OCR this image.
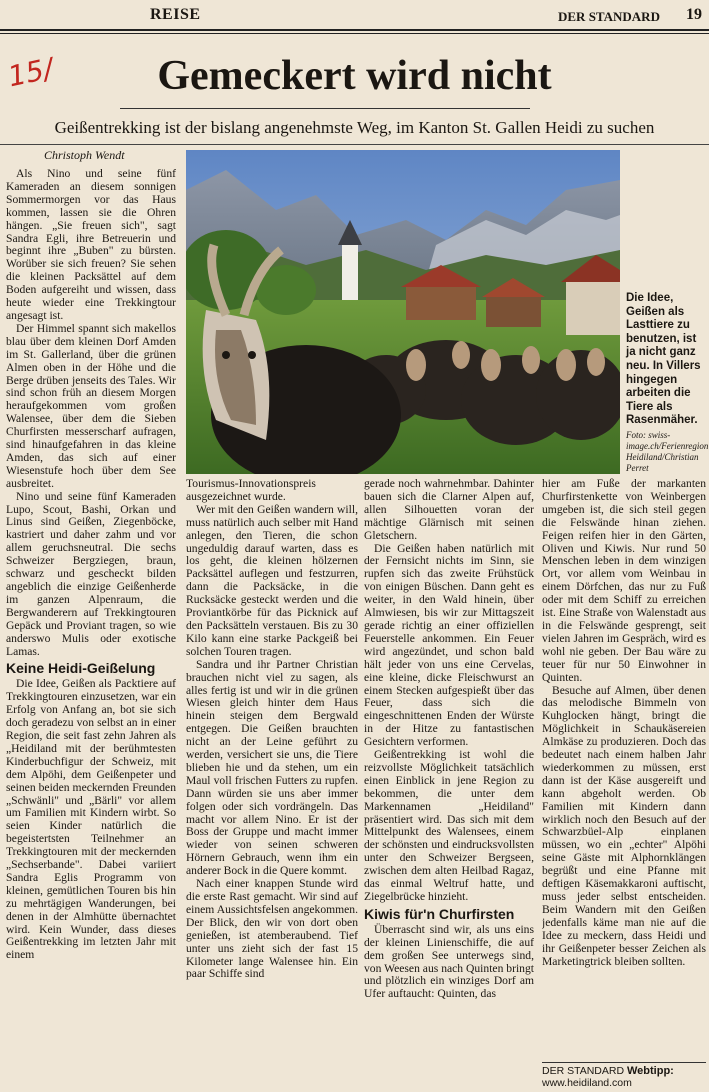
REISE	DER STANDARD 19
15/	Gemeckert wird nicht
Geißentrekking ist der bislang angenehmste Weg, im Kanton St. Gallen Heidi zu suchen
Christoph Wendt
Die Idee, Geißen als Lasttiere zu benutzen, ist ja nicht ganz neu. In Villers hingegen arbeiten die Tiere als Rasenmäher.
Foto: swiss-image.ch/Ferienregion Heidiland/Christian Perret

Als Nino und seine fünf Kameraden an diesem sonnigen Sommermorgen vor das Haus kommen, lassen sie die Ohren hängen. „Sie freuen sich", sagt Sandra Egli, ihre Betreuerin und beginnt ihre „Buben" zu bürsten. Worüber sie sich freuen? Sie sehen die kleinen Packsättel auf dem Boden aufgereiht und wissen, dass heute wieder eine Trekkingtour angesagt ist.

Der Himmel spannt sich makellos blau über dem kleinen Dorf Amden im St. Gallerland, über die grünen Almen oben in der Höhe und die Berge drüben jenseits des Tales. Wir sind schon früh an diesem Morgen heraufgekommen vom großen Walensee, über dem die Sieben Churfirsten messerscharf aufragen, sind hinaufgefahren in das kleine Amden, das sich auf einer Wiesenstufe hoch über dem See ausbreitet.

Nino und seine fünf Kameraden Lupo, Scout, Bashi, Orkan und Linus sind Geißen, Ziegenböcke, kastriert und daher zahm und vor allem geruchsneutral. Die sechs Schweizer Bergziegen, braun, schwarz und gescheckt bilden angeblich die einzige Geißenherde im ganzen Alpenraum, die Bergwanderern auf Trekkingtouren Gepäck und Proviant tragen, so wie anderswo Mulis oder exotische Lamas.

Keine Heidi-Geißelung

Die Idee, Geißen als Packtiere auf Trekkingtouren einzusetzen, war ein Erfolg von Anfang an, bot sie sich doch geradezu von selbst an in einer Region, die seit fast zehn Jahren als „Heidiland mit der berühmtesten Kinderbuchfigur der Schweiz, mit dem Alpöhi, dem Geißenpeter und seinen beiden meckernden Freunden „Schwänli" und „Bärli" vor allem um Familien mit Kindern wirbt. So seien Kinder natürlich die begeistertsten Teilnehmer an Trekkingtouren mit der meckernden „Sechserbande". Dabei variiert Sandra Eglis Programm von kleinen, gemütlichen Touren bis hin zu mehrtägigen Wanderungen, bei denen in der Almhütte übernachtet wird. Kein Wunder, dass dieses Geißentrekking im letzten Jahr mit einem

Tourismus-Innovationspreis ausgezeichnet wurde.

Wer mit den Geißen wandern will, muss natürlich auch selber mit Hand anlegen, den Tieren, die schon ungeduldig darauf warten, dass es los geht, die kleinen hölzernen Packsättel auflegen und festzurren, dann die Packsäcke, in die Rucksäcke gesteckt werden und die Proviantkörbe für das Picknick auf den Packsätteln verstauen. Bis zu 30 Kilo kann eine starke Packgeiß bei solchen Touren tragen.

Sandra und ihr Partner Christian brauchen nicht viel zu sagen, als alles fertig ist und wir in die grünen Wiesen gleich hinter dem Haus hinein steigen dem Bergwald entgegen. Die Geißen brauchten nicht an der Leine geführt zu werden, versichert sie uns, die Tiere blieben hie und da stehen, um ein Maul voll frischen Futters zu rupfen. Dann würden sie uns aber immer folgen oder sich vordrängeln. Das macht vor allem Nino. Er ist der Boss der Gruppe und macht immer wieder von seinen schweren Hörnern Gebrauch, wenn ihm ein anderer Bock in die Quere kommt.

Nach einer knappen Stunde wird die erste Rast gemacht. Wir sind auf einem Aussichtsfelsen angekommen. Der Blick, den wir von dort oben genießen, ist atemberaubend. Tief unter uns zieht sich der fast 15 Kilometer lange Walensee hin. Ein paar Schiffe sind

gerade noch wahrnehmbar. Dahinter bauen sich die Clarner Alpen auf, allen Silhouetten voran der mächtige Glärnisch mit seinen Gletschern.

Die Geißen haben natürlich mit der Fernsicht nichts im Sinn, sie rupfen sich das zweite Frühstück von einigen Büschen. Dann geht es weiter, in den Wald hinein, über Almwiesen, bis wir zur Mittagszeit gerade richtig an einer offiziellen Feuerstelle ankommen. Ein Feuer wird angezündet, und schon bald hält jeder von uns eine Cervelas, eine kleine, dicke Fleischwurst an einem Stecken aufgespießt über das Feuer, dass sich die eingeschnittenen Enden der Würste in der Hitze zu fantastischen Gesichtern verformen.

Geißentrekking ist wohl die reizvollste Möglichkeit tatsächlich einen Einblick in jene Region zu bekommen, die unter dem Markennamen „Heidiland" präsentiert wird. Das sich mit dem Mittelpunkt des Walensees, einem der schönsten und eindrucksvollsten unter den Schweizer Bergseen, zwischen dem alten Heilbad Ragaz, das einmal Weltruf hatte, und Ziegelbrücke hinzieht.

Kiwis für'n Churfirsten

Überrascht sind wir, als uns eins der kleinen Linienschiffe, die auf dem großen See unterwegs sind, von Weesen aus nach Quinten bringt und plötzlich ein winziges Dorf am Ufer auftaucht: Quinten, das

hier am Fuße der markanten Churfirstenkette von Weinbergen umgeben ist, die sich steil gegen die Felswände hinan ziehen. Feigen reifen hier in den Gärten, Oliven und Kiwis. Nur rund 50 Menschen leben in dem winzigen Ort, vor allem vom Weinbau in einem Dörfchen, das nur zu Fuß oder mit dem Schiff zu erreichen ist. Eine Straße von Walenstadt aus in die Felswände gesprengt, seit vielen Jahren im Gespräch, wird es wohl nie geben. Der Bau wäre zu teuer für nur 50 Einwohner in Quinten.

Besuche auf Almen, über denen das melodische Bimmeln von Kuhglocken hängt, bringt die Möglichkeit in Schaukäsereien Almkäse zu produzieren. Doch das bedeutet nach einem halben Jahr wiederkommen zu müssen, erst dann ist der Käse ausgereift und kann abgeholt werden. Ob Familien mit Kindern dann wirklich noch den Besuch auf der Schwarzbüel-Alp einplanen müssen, wo ein „echter" Alpöhi seine Gäste mit Alphornklängen begrüßt und eine Pfanne mit deftigen Käsemakkaroni auftischt, muss jeder selbst entscheiden. Beim Wandern mit den Geißen jedenfalls käme man nie auf die Idee zu meckern, dass Heidi und ihr Geißenpeter besser Zeichen als Marketingtrick bleiben sollten.

DER STANDARD Webtipp:
www.heidiland.com
